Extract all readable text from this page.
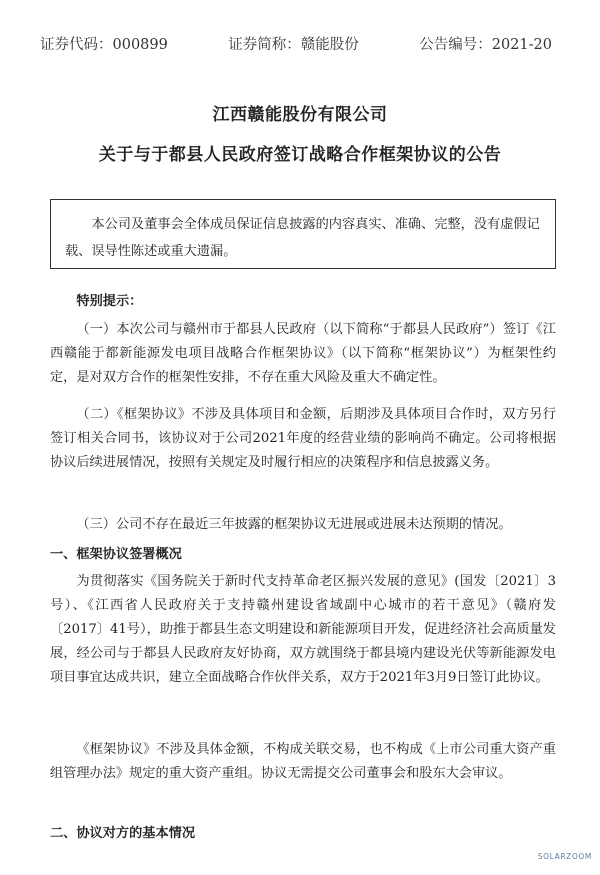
证券代码：000899	证券简称：赣能股份	公告编号：2021-20
江西赣能股份有限公司
关于与于都县人民政府签订战略合作框架协议的公告
本公司及董事会全体成员保证信息披露的内容真实、准确、完整，没有虚假记载、误导性陈述或重大遗漏。
特别提示：
（一）本次公司与赣州市于都县人民政府（以下简称“于都县人民政府”）签订《江西赣能于都新能源发电项目战略合作框架协议》（以下简称“框架协议”）为框架性约定，是对双方合作的框架性安排，不存在重大风险及重大不确定性。
（二）《框架协议》不涉及具体项目和金额，后期涉及具体项目合作时，双方另行签订相关合同书，该协议对于公司2021年度的经营业绩的影响尚不确定。公司将根据协议后续进展情况，按照有关规定及时履行相应的决策程序和信息披露义务。
（三）公司不存在最近三年披露的框架协议无进展或进展未达预期的情况。
一、框架协议签署概况
为贯彻落实《国务院关于新时代支持革命老区振兴发展的意见》(国发〔2021〕3号）、《江西省人民政府关于支持赣州建设省域副中心城市的若干意见》（赣府发〔2017〕41号），助推于都县生态文明建设和新能源项目开发，促进经济社会高质量发展，经公司与于都县人民政府友好协商，双方就围绕于都县境内建设光伏等新能源发电项目事宜达成共识，建立全面战略合作伙伴关系，双方于2021年3月9日签订此协议。
《框架协议》不涉及具体金额，不构成关联交易，也不构成《上市公司重大资产重组管理办法》规定的重大资产重组。协议无需提交公司董事会和股东大会审议。
二、协议对方的基本情况
SOLARZOOM
